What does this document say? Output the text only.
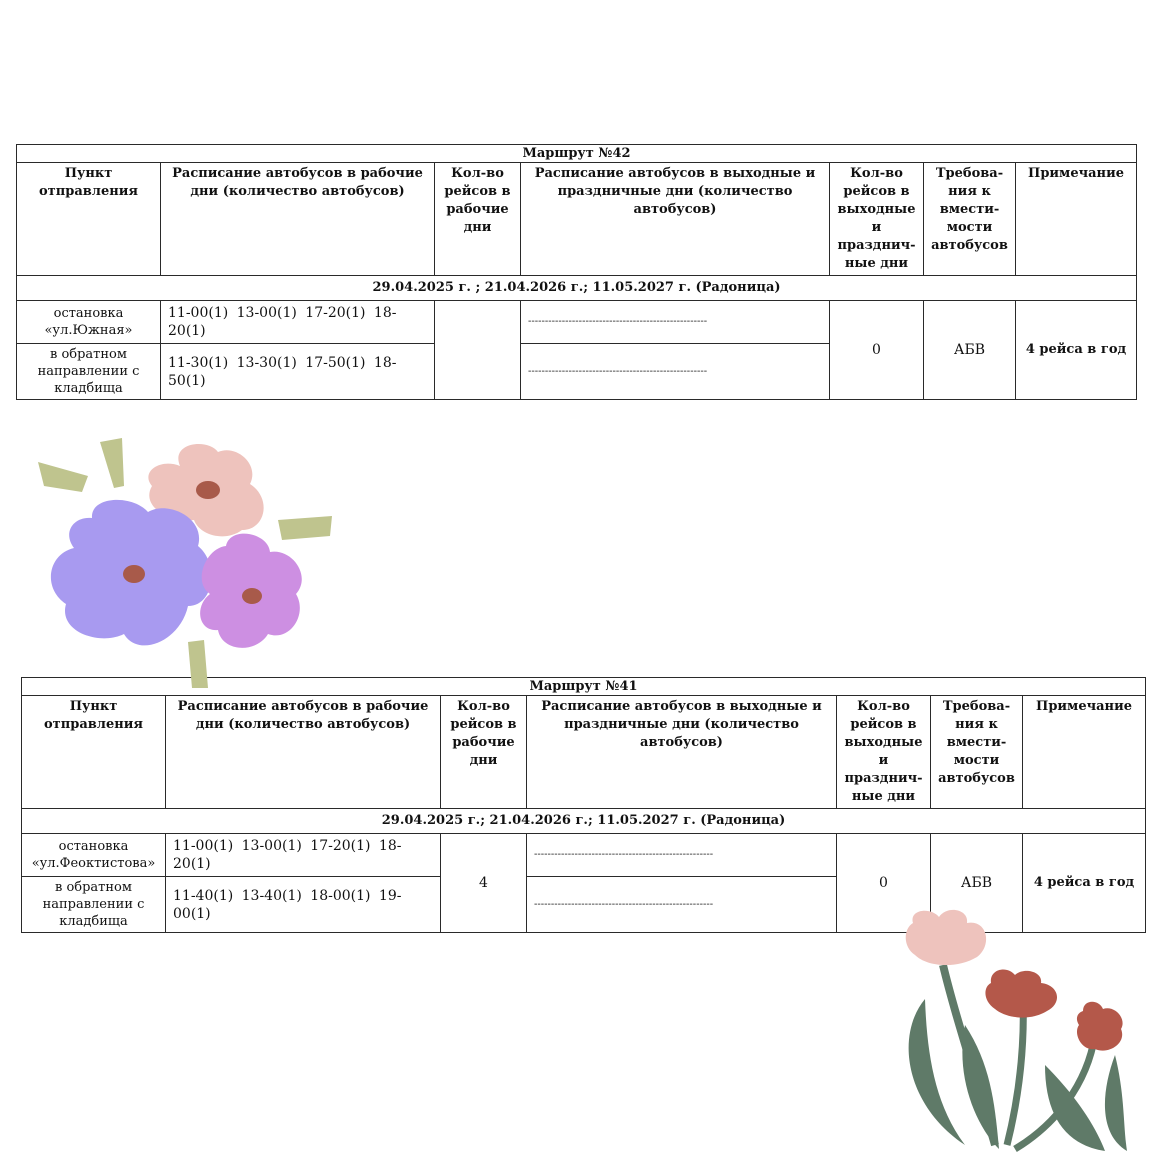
Маршрут №42						
Пункт отправления	Расписание автобусов в рабочие дни (количество автобусов)	Кол-во рейсов в рабочие дни	Расписание автобусов в выходные и праздничные дни (количество автобусов)	Кол-во рейсов в выходные и празднич-ные дни	Требова-ния к вмести-мости автобусов	Примечание
29.04.2025 г. ; 21.04.2026 г.; 11.05.2027 г. (Радоница)						
остановка «ул.Южная»	11-00(1) 13-00(1) 17-20(1) 18-20(1)		-----------------------------------------------------	0	АБВ	4 рейса в год
в обратном направлении с кладбища	11-30(1) 13-30(1) 17-50(1) 18-50(1)		-----------------------------------------------------			
Маршрут №41						
Пункт отправления	Расписание автобусов в рабочие дни (количество автобусов)	Кол-во рейсов в рабочие дни	Расписание автобусов в выходные и праздничные дни (количество автобусов)	Кол-во рейсов в выходные и празднич-ные дни	Требова-ния к вмести-мости автобусов	Примечание
29.04.2025 г.; 21.04.2026 г.; 11.05.2027 г. (Радоница)						
остановка «ул.Феоктистова»	11-00(1) 13-00(1) 17-20(1) 18-20(1)	4	-----------------------------------------------------	0	АБВ	4 рейса в год
в обратном направлении с кладбища	11-40(1) 13-40(1) 18-00(1) 19-00(1)		-----------------------------------------------------			
